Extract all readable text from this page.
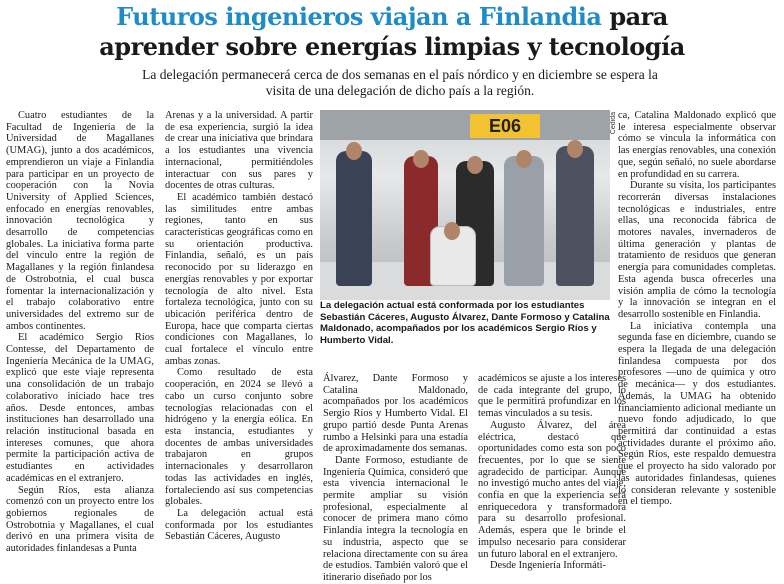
Futuros ingenieros viajan a Finlandia para
aprender sobre energías limpias y tecnología
La delegación permanecerá cerca de dos semanas en el país nórdico y en diciembre se espera la visita de una delegación de dicho país a la región.

Cuatro estudiantes de la Facultad de Ingeniería de la Universidad de Magallanes (UMAG), junto a dos académicos, emprendieron un viaje a Finlandia para participar en un proyecto de cooperación con la Novia University of Applied Sciences, enfocado en energías renovables, innovación tecnológica y desarrollo de competencias globales. La iniciativa forma parte del vínculo entre la región de Magallanes y la región finlandesa de Ostrobotnia, el cual busca fomentar la internacionalización y el trabajo colaborativo entre universidades del extremo sur de ambos continentes.

El académico Sergio Ríos Contesse, del Departamento de Ingeniería Mecánica de la UMAG, explicó que este viaje representa una consolidación de un trabajo colaborativo iniciado hace tres años. Desde entonces, ambas instituciones han desarrollado una relación institucional basada en intereses comunes, que ahora permite la participación activa de estudiantes en actividades académicas en el extranjero.

Según Ríos, esta alianza comenzó con un proyecto entre los gobiernos regionales de Ostrobotnia y Magallanes, el cual derivó en una primera visita de autoridades finlandesas a Punta

Arenas y a la universidad. A partir de esa experiencia, surgió la idea de crear una iniciativa que brindara a los estudiantes una vivencia internacional, permitiéndoles interactuar con sus pares y docentes de otras culturas.

El académico también destacó las similitudes entre ambas regiones, tanto en sus características geográficas como en su orientación productiva. Finlandia, señaló, es un país reconocido por su liderazgo en energías renovables y por exportar tecnología de alto nivel. Esta fortaleza tecnológica, junto con su ubicación periférica dentro de Europa, hace que comparta ciertas condiciones con Magallanes, lo cual fortalece el vínculo entre ambas zonas.

Como resultado de esta cooperación, en 2024 se llevó a cabo un curso conjunto sobre tecnologías relacionadas con el hidrógeno y la energía eólica. En esta instancia, estudiantes y docentes de ambas universidades trabajaron en grupos internacionales y desarrollaron todas las actividades en inglés, fortaleciendo así sus competencias globales.

La delegación actual está conformada por los estudiantes Sebastián Cáceres, Augusto

E06	Cedida
La delegación actual está conformada por los estudiantes Sebastián Cáceres, Augusto Álvarez, Dante Formoso y Catalina Maldonado, acompañados por los académicos Sergio Ríos y Humberto Vidal.

Álvarez, Dante Formoso y Catalina Maldonado, acompañados por los académicos Sergio Ríos y Humberto Vidal. El grupo partió desde Punta Arenas rumbo a Helsinki para una estadía de aproximadamente dos semanas.

Dante Formoso, estudiante de Ingeniería Química, consideró que esta vivencia internacional le permite ampliar su visión profesional, especialmente al conocer de primera mano cómo Finlandia integra la tecnología en su industria, aspecto que se relaciona directamente con su área de estudios. También valoró que el itinerario diseñado por los

académicos se ajuste a los intereses de cada integrante del grupo, lo que le permitirá profundizar en los temas vinculados a su tesis.

Augusto Álvarez, del área eléctrica, destacó que oportunidades como esta son poco frecuentes, por lo que se siente agradecido de participar. Aunque no investigó mucho antes del viaje, confía en que la experiencia será enriquecedora y transformadora para su desarrollo profesional. Además, espera que le brinde el impulso necesario para considerar un futuro laboral en el extranjero.

Desde Ingeniería Informáti-

ca, Catalina Maldonado explicó que le interesa especialmente observar cómo se vincula la informática con las energías renovables, una conexión que, según señaló, no suele abordarse en profundidad en su carrera.

Durante su visita, los participantes recorrerán diversas instalaciones tecnológicas e industriales, entre ellas, una reconocida fábrica de motores navales, invernaderos de última generación y plantas de tratamiento de residuos que generan energía para comunidades completas. Esta agenda busca ofrecerles una visión amplia de cómo la tecnología y la innovación se integran en el desarrollo sostenible en Finlandia.

La iniciativa contempla una segunda fase en diciembre, cuando se espera la llegada de una delegación finlandesa compuesta por dos profesores —uno de química y otro de mecánica— y dos estudiantes. Además, la UMAG ha obtenido financiamiento adicional mediante un nuevo fondo adjudicado, lo que permitirá dar continuidad a estas actividades durante el próximo año. Según Ríos, este respaldo demuestra que el proyecto ha sido valorado por las autoridades finlandesas, quienes lo consideran relevante y sostenible en el tiempo.
